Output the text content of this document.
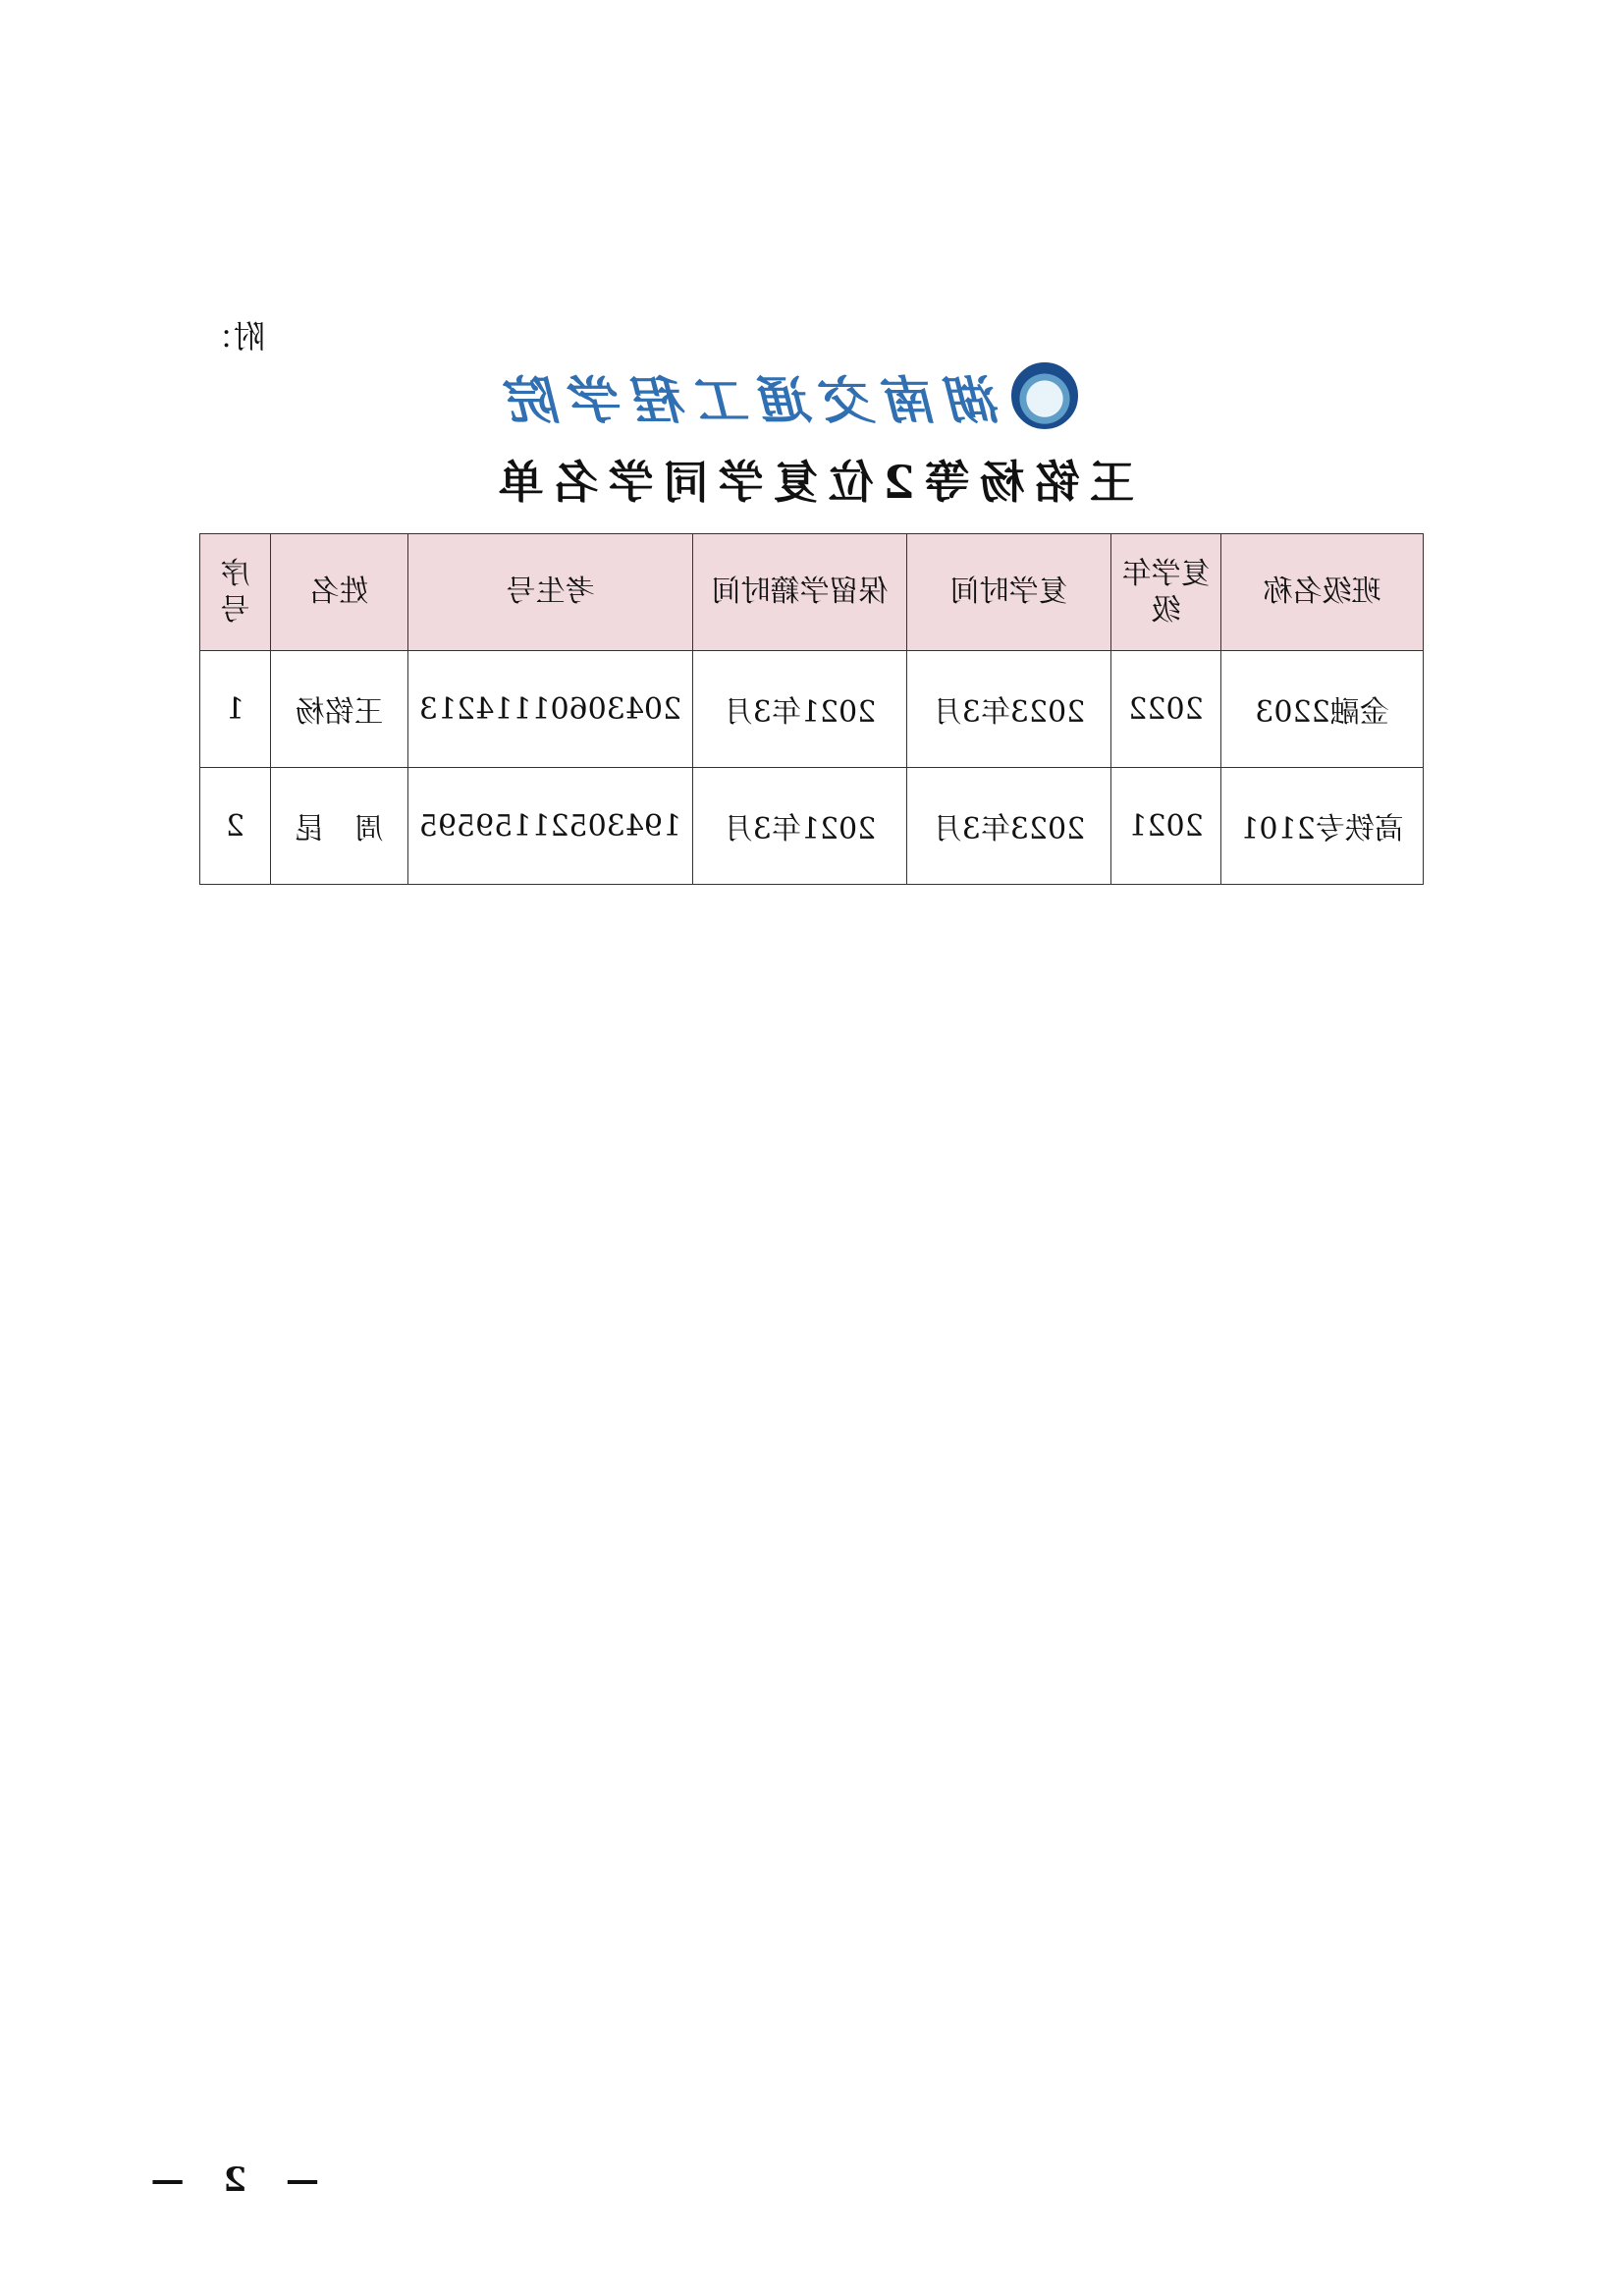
附：
湖南交通工程学院
王铭杨等2位复学同学名单
序号	姓名	考生号	保留学籍时间	复学时间	复学年级	班级名称
1	王铭杨	20430601114213	2021年3月	2023年3月	2022	金融2203
2	周　昆	19430521159595	2021年3月	2023年3月	2021	高铁专2101
— 2 —
